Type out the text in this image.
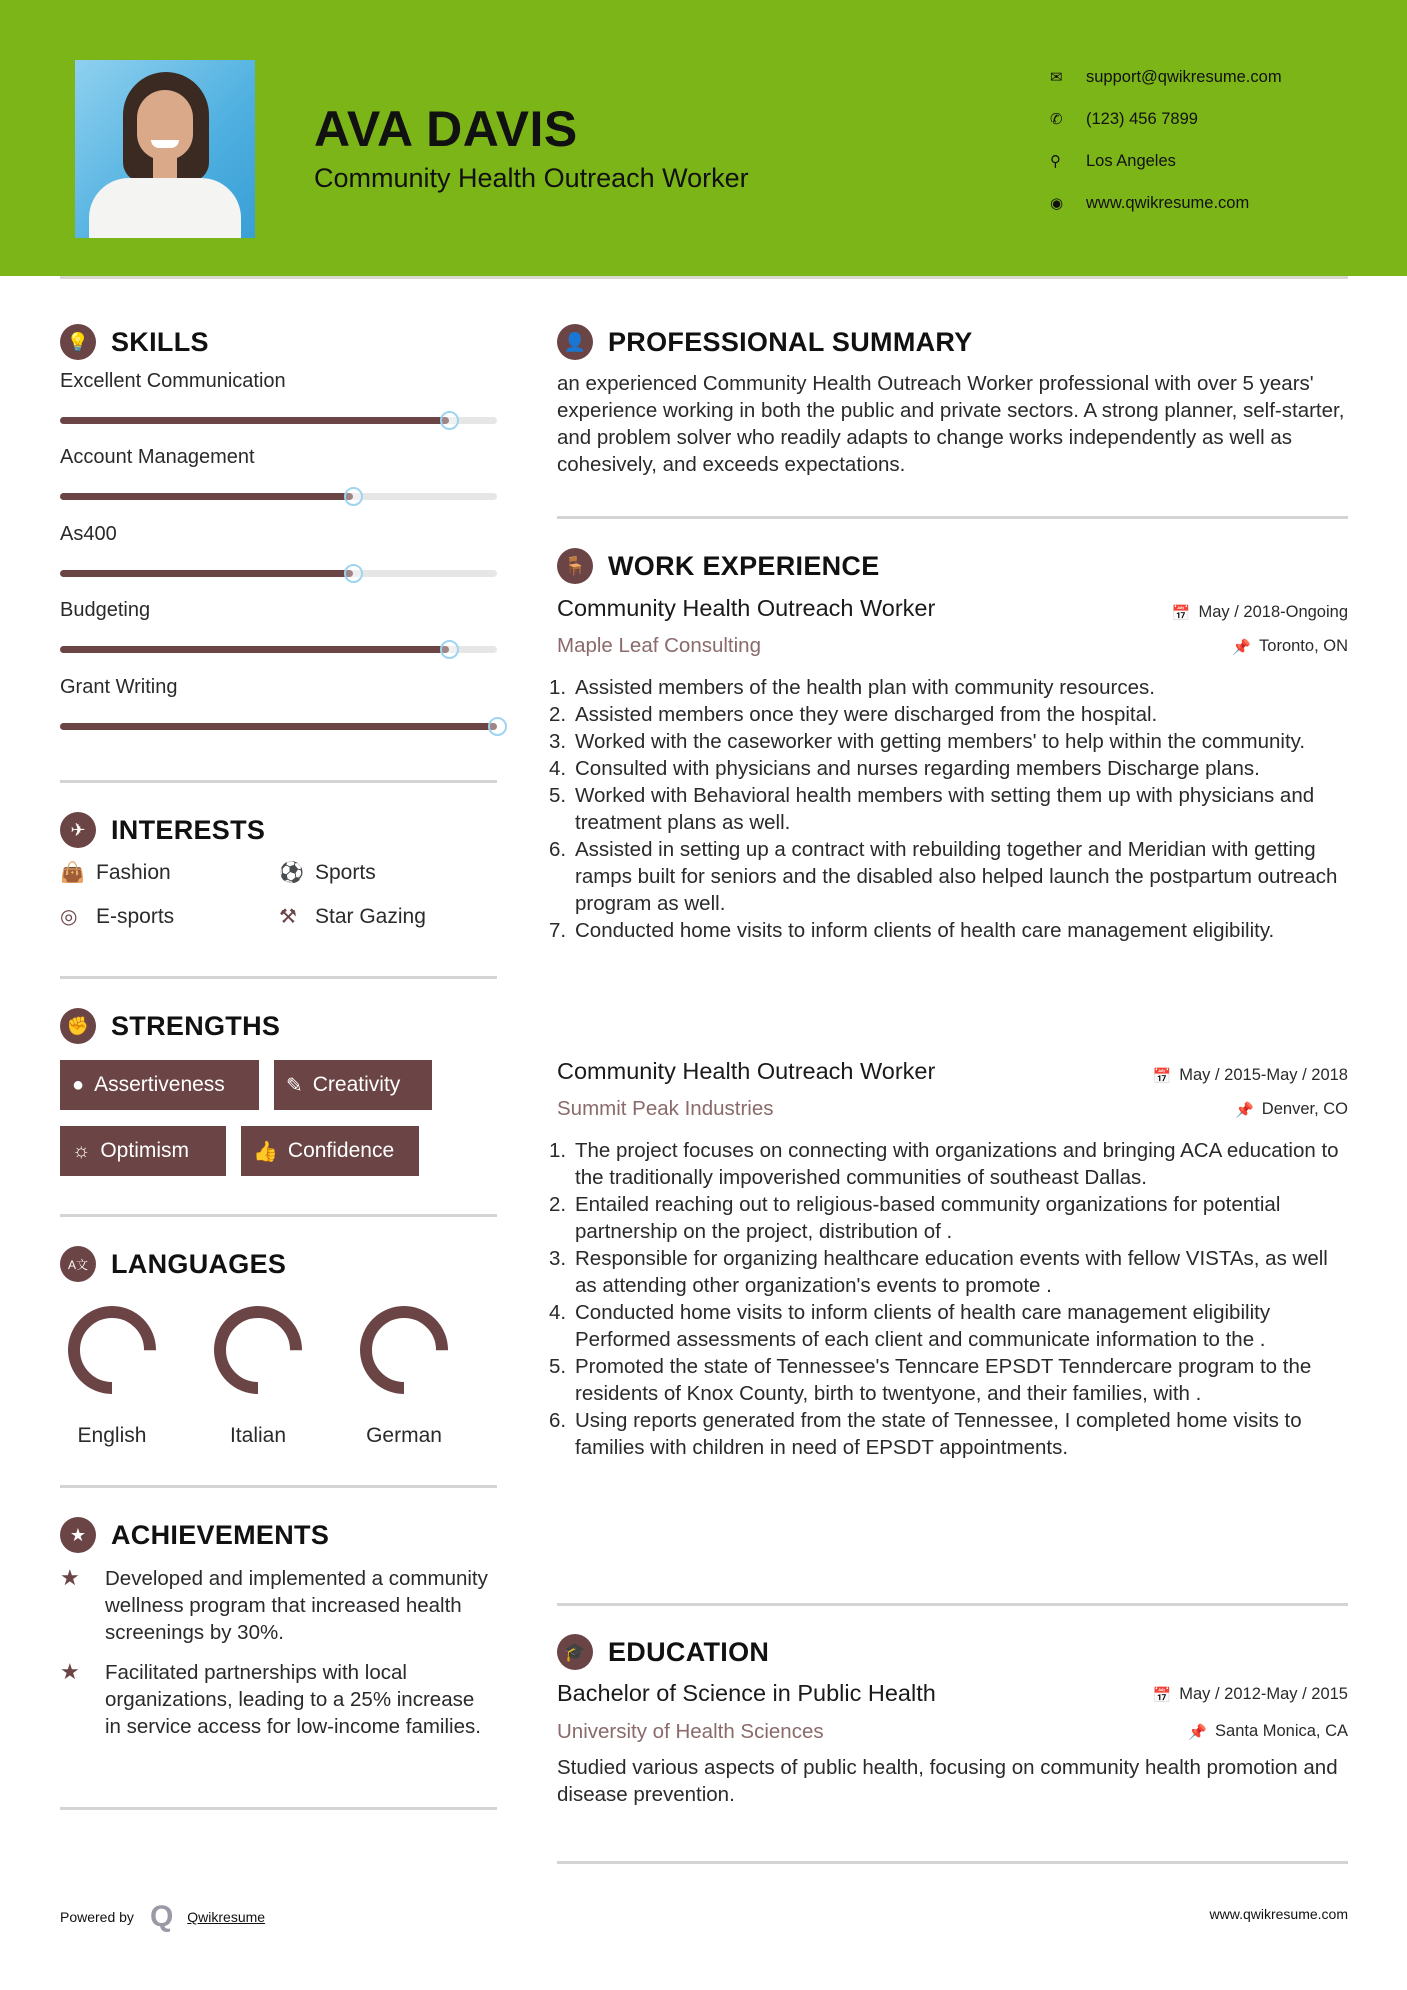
AVA DAVIS
Community Health Outreach Worker
✉	support@qwikresume.com
✆	(123) 456 7899
⚲	Los Angeles
◉	www.qwikresume.com
💡 SKILLS
Excellent Communication
Account Management
As400
Budgeting
Grant Writing
✈ INTERESTS
👜 Fashion	⚽ Sports
◎ E-sports	⚒ Star Gazing
✊ STRENGTHS
● Assertiveness	✎ Creativity
☼ Optimism	👍 Confidence
A文 LANGUAGES
English	Italian	German
★ ACHIEVEMENTS
★	Developed and implemented a community wellness program that increased health screenings by 30%.
★	Facilitated partnerships with local organizations, leading to a 25% increase in service access for low-income families.
👤 PROFESSIONAL SUMMARY
an experienced Community Health Outreach Worker professional with over 5 years' experience working in both the public and private sectors. A strong planner, self-starter, and problem solver who readily adapts to change works independently as well as cohesively, and exceeds expectations.
🪑 WORK EXPERIENCE
Community Health Outreach Worker	📅 May / 2018-Ongoing
Maple Leaf Consulting	📌 Toronto, ON
1. Assisted members of the health plan with community resources.
2. Assisted members once they were discharged from the hospital.
3. Worked with the caseworker with getting members' to help within the community.
4. Consulted with physicians and nurses regarding members Discharge plans.
5. Worked with Behavioral health members with setting them up with physicians and treatment plans as well.
6. Assisted in setting up a contract with rebuilding together and Meridian with getting ramps built for seniors and the disabled also helped launch the postpartum outreach program as well.
7. Conducted home visits to inform clients of health care management eligibility.
Community Health Outreach Worker	📅 May / 2015-May / 2018
Summit Peak Industries	📌 Denver, CO
1. The project focuses on connecting with organizations and bringing ACA education to the traditionally impoverished communities of southeast Dallas.
2. Entailed reaching out to religious-based community organizations for potential partnership on the project, distribution of .
3. Responsible for organizing healthcare education events with fellow VISTAs, as well as attending other organization's events to promote .
4. Conducted home visits to inform clients of health care management eligibility Performed assessments of each client and communicate information to the .
5. Promoted the state of Tennessee's Tenncare EPSDT Tenndercare program to the residents of Knox County, birth to twentyone, and their families, with .
6. Using reports generated from the state of Tennessee, I completed home visits to families with children in need of EPSDT appointments.
🎓 EDUCATION
Bachelor of Science in Public Health	📅 May / 2012-May / 2015
University of Health Sciences	📌 Santa Monica, CA
Studied various aspects of public health, focusing on community health promotion and disease prevention.
Powered by Q Qwikresume	www.qwikresume.com
